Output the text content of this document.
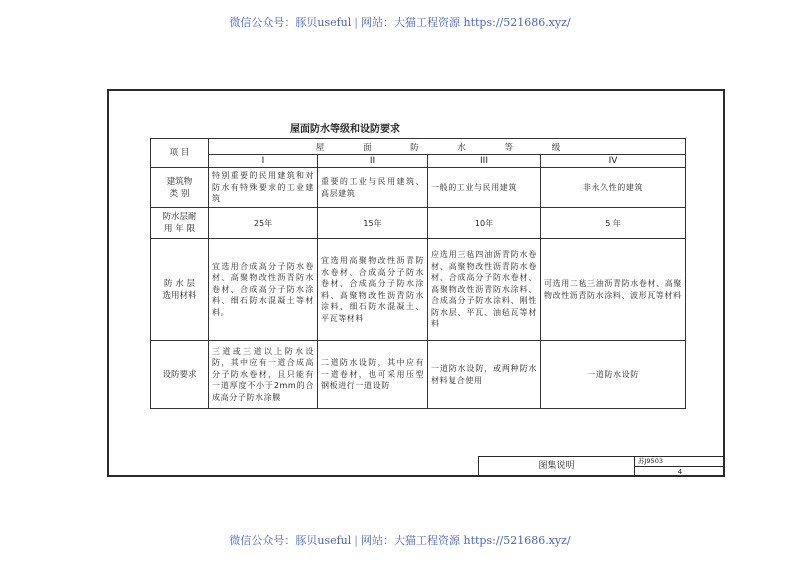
微信公众号：豚贝useful | 网站：大猫工程资源 https://521686.xyz/
屋面防水等级和设防要求
项 目	屋 面 防 水 等 级			
	I	II	III	IV
建筑物
类 别	特别重要的民用建筑和对防水有特殊要求的工业建筑	重要的工业与民用建筑、高层建筑	一般的工业与民用建筑	非永久性的建筑
防水层耐
用 年 限	25年	15年	10年	5 年
防 水 层
选用材料	宜选用合成高分子防水卷材、高聚物改性沥青防水卷材、合成高分子防水涂料、细石防水混凝土等材料。	宜选用高聚物改性沥青防水卷材、合成高分子防水卷材、合成高分子防水涂料、高聚物改性沥青防水涂料、细石防水混凝土、平瓦等材料	应选用三毡四油沥青防水卷材、高聚物改性沥青防水卷材、合成高分子防水卷材、高聚物改性沥青防水涂料、合成高分子防水涂料、刚性防水层、平瓦、油毡瓦等材料	可选用二毡三油沥青防水卷材、高聚物改性沥青防水涂料、波形瓦等材料
设防要求	三道或三道以上防水设防，其中应有一道合成高分子防水卷材，且只能有一道厚度不小于2mm的合成高分子防水涂膜	二道防水设防，其中应有一道卷材，也可采用压型钢板进行一道设防	一道防水设防，或两种防水材料复合使用	一道防水设防
图集说明	苏J9503
4
微信公众号：豚贝useful | 网站：大猫工程资源 https://521686.xyz/
